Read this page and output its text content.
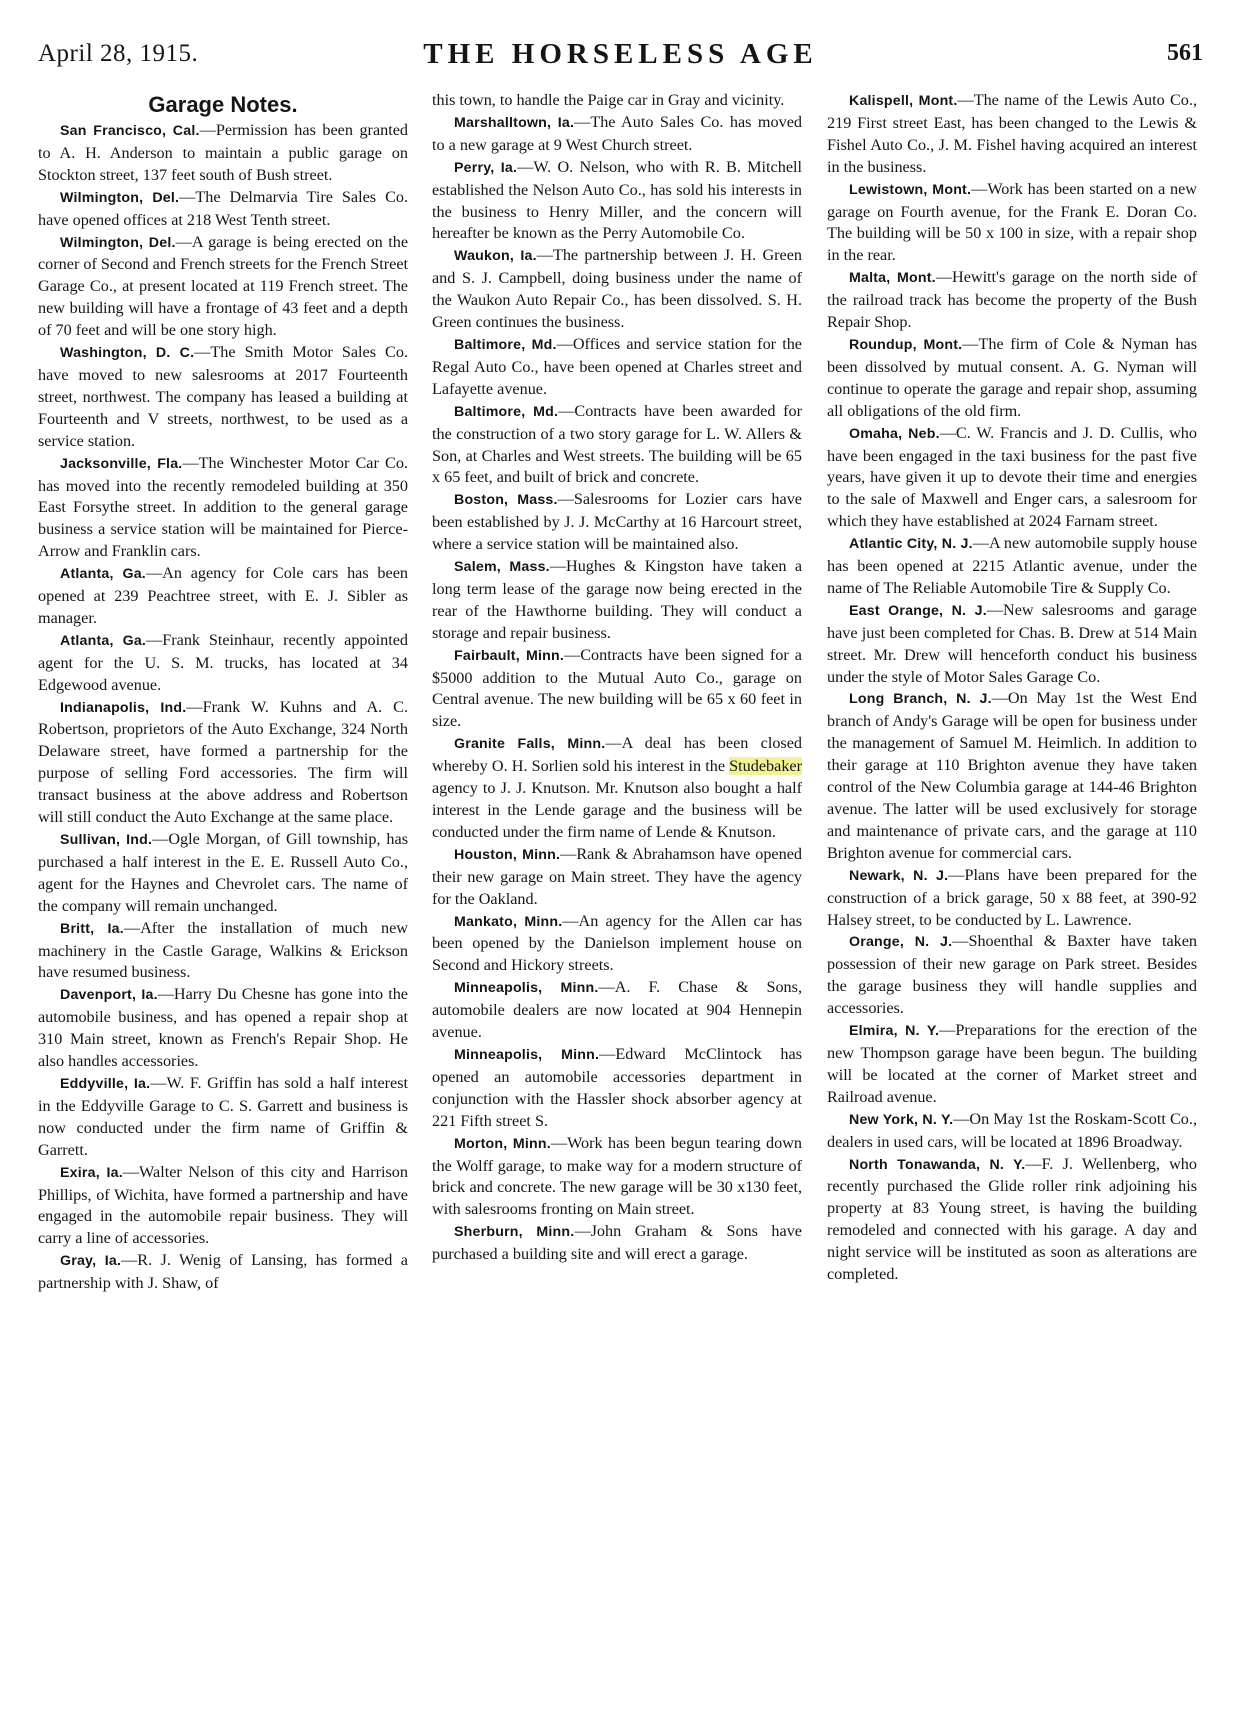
April 28, 1915.	THE HORSELESS AGE	561
Garage Notes.

San Francisco, Cal.—Permission has been granted to A. H. Anderson to maintain a public garage on Stockton street, 137 feet south of Bush street.

Wilmington, Del.—The Delmarvia Tire Sales Co. have opened offices at 218 West Tenth street.

Wilmington, Del.—A garage is being erected on the corner of Second and French streets for the French Street Garage Co., at present located at 119 French street. The new building will have a frontage of 43 feet and a depth of 70 feet and will be one story high.

Washington, D. C.—The Smith Motor Sales Co. have moved to new salesrooms at 2017 Fourteenth street, northwest. The company has leased a building at Fourteenth and V streets, northwest, to be used as a service station.

Jacksonville, Fla.—The Winchester Motor Car Co. has moved into the recently remodeled building at 350 East Forsythe street. In addition to the general garage business a service station will be maintained for Pierce-Arrow and Franklin cars.

Atlanta, Ga.—An agency for Cole cars has been opened at 239 Peachtree street, with E. J. Sibler as manager.

Atlanta, Ga.—Frank Steinhaur, recently appointed agent for the U. S. M. trucks, has located at 34 Edgewood avenue.

Indianapolis, Ind.—Frank W. Kuhns and A. C. Robertson, proprietors of the Auto Exchange, 324 North Delaware street, have formed a partnership for the purpose of selling Ford accessories. The firm will transact business at the above address and Robertson will still conduct the Auto Exchange at the same place.

Sullivan, Ind.—Ogle Morgan, of Gill township, has purchased a half interest in the E. E. Russell Auto Co., agent for the Haynes and Chevrolet cars. The name of the company will remain unchanged.

Britt, Ia.—After the installation of much new machinery in the Castle Garage, Walkins & Erickson have resumed business.

Davenport, Ia.—Harry Du Chesne has gone into the automobile business, and has opened a repair shop at 310 Main street, known as French's Repair Shop. He also handles accessories.

Eddyville, Ia.—W. F. Griffin has sold a half interest in the Eddyville Garage to C. S. Garrett and business is now conducted under the firm name of Griffin & Garrett.

Exira, Ia.—Walter Nelson of this city and Harrison Phillips, of Wichita, have formed a partnership and have engaged in the automobile repair business. They will carry a line of accessories.

Gray, Ia.—R. J. Wenig of Lansing, has formed a partnership with J. Shaw, of

this town, to handle the Paige car in Gray and vicinity.

Marshalltown, Ia.—The Auto Sales Co. has moved to a new garage at 9 West Church street.

Perry, Ia.—W. O. Nelson, who with R. B. Mitchell established the Nelson Auto Co., has sold his interests in the business to Henry Miller, and the concern will hereafter be known as the Perry Automobile Co.

Waukon, Ia.—The partnership between J. H. Green and S. J. Campbell, doing business under the name of the Waukon Auto Repair Co., has been dissolved. S. H. Green continues the business.

Baltimore, Md.—Offices and service station for the Regal Auto Co., have been opened at Charles street and Lafayette avenue.

Baltimore, Md.—Contracts have been awarded for the construction of a two story garage for L. W. Allers & Son, at Charles and West streets. The building will be 65 x 65 feet, and built of brick and concrete.

Boston, Mass.—Salesrooms for Lozier cars have been established by J. J. McCarthy at 16 Harcourt street, where a service station will be maintained also.

Salem, Mass.—Hughes & Kingston have taken a long term lease of the garage now being erected in the rear of the Hawthorne building. They will conduct a storage and repair business.

Fairbault, Minn.—Contracts have been signed for a $5000 addition to the Mutual Auto Co., garage on Central avenue. The new building will be 65 x 60 feet in size.

Granite Falls, Minn.—A deal has been closed whereby O. H. Sorlien sold his interest in the Studebaker agency to J. J. Knutson. Mr. Knutson also bought a half interest in the Lende garage and the business will be conducted under the firm name of Lende & Knutson.

Houston, Minn.—Rank & Abrahamson have opened their new garage on Main street. They have the agency for the Oakland.

Mankato, Minn.—An agency for the Allen car has been opened by the Danielson implement house on Second and Hickory streets.

Minneapolis, Minn.—A. F. Chase & Sons, automobile dealers are now located at 904 Hennepin avenue.

Minneapolis, Minn.—Edward McClintock has opened an automobile accessories department in conjunction with the Hassler shock absorber agency at 221 Fifth street S.

Morton, Minn.—Work has been begun tearing down the Wolff garage, to make way for a modern structure of brick and concrete. The new garage will be 30 x130 feet, with salesrooms fronting on Main street.

Sherburn, Minn.—John Graham & Sons have purchased a building site and will erect a garage.

Kalispell, Mont.—The name of the Lewis Auto Co., 219 First street East, has been changed to the Lewis & Fishel Auto Co., J. M. Fishel having acquired an interest in the business.

Lewistown, Mont.—Work has been started on a new garage on Fourth avenue, for the Frank E. Doran Co. The building will be 50 x 100 in size, with a repair shop in the rear.

Malta, Mont.—Hewitt's garage on the north side of the railroad track has become the property of the Bush Repair Shop.

Roundup, Mont.—The firm of Cole & Nyman has been dissolved by mutual consent. A. G. Nyman will continue to operate the garage and repair shop, assuming all obligations of the old firm.

Omaha, Neb.—C. W. Francis and J. D. Cullis, who have been engaged in the taxi business for the past five years, have given it up to devote their time and energies to the sale of Maxwell and Enger cars, a salesroom for which they have established at 2024 Farnam street.

Atlantic City, N. J.—A new automobile supply house has been opened at 2215 Atlantic avenue, under the name of The Reliable Automobile Tire & Supply Co.

East Orange, N. J.—New salesrooms and garage have just been completed for Chas. B. Drew at 514 Main street. Mr. Drew will henceforth conduct his business under the style of Motor Sales Garage Co.

Long Branch, N. J.—On May 1st the West End branch of Andy's Garage will be open for business under the management of Samuel M. Heimlich. In addition to their garage at 110 Brighton avenue they have taken control of the New Columbia garage at 144-46 Brighton avenue. The latter will be used exclusively for storage and maintenance of private cars, and the garage at 110 Brighton avenue for commercial cars.

Newark, N. J.—Plans have been prepared for the construction of a brick garage, 50 x 88 feet, at 390-92 Halsey street, to be conducted by L. Lawrence.

Orange, N. J.—Shoenthal & Baxter have taken possession of their new garage on Park street. Besides the garage business they will handle supplies and accessories.

Elmira, N. Y.—Preparations for the erection of the new Thompson garage have been begun. The building will be located at the corner of Market street and Railroad avenue.

New York, N. Y.—On May 1st the Roskam-Scott Co., dealers in used cars, will be located at 1896 Broadway.

North Tonawanda, N. Y.—F. J. Wellenberg, who recently purchased the Glide roller rink adjoining his property at 83 Young street, is having the building remodeled and connected with his garage. A day and night service will be instituted as soon as alterations are completed.
